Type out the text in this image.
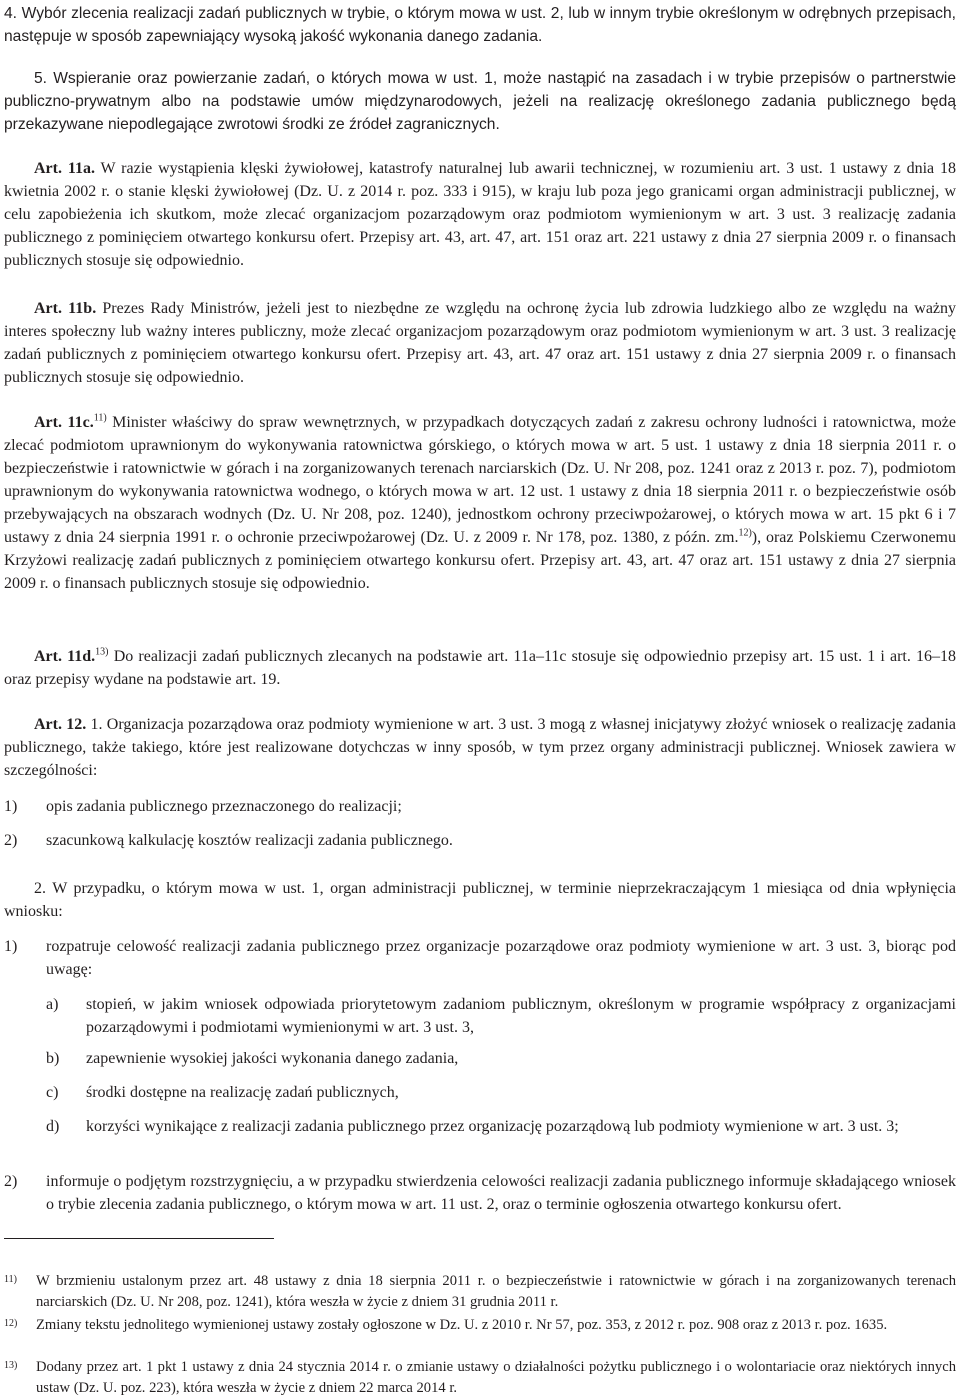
4. Wybór zlecenia realizacji zadań publicznych w trybie, o którym mowa w ust. 2, lub w innym trybie określonym w odrębnych przepisach, następuje w sposób zapewniający wysoką jakość wykonania danego zadania.

5. Wspieranie oraz powierzanie zadań, o których mowa w ust. 1, może nastąpić na zasadach i w trybie przepisów o partnerstwie publiczno-prywatnym albo na podstawie umów międzynarodowych, jeżeli na realizację określonego zadania publicznego będą przekazywane niepodlegające zwrotowi środki ze źródeł zagranicznych.

Art. 11a. W razie wystąpienia klęski żywiołowej, katastrofy naturalnej lub awarii technicznej, w rozumieniu art. 3 ust. 1 ustawy z dnia 18 kwietnia 2002 r. o stanie klęski żywiołowej (Dz. U. z 2014 r. poz. 333 i 915), w kraju lub poza jego granicami organ administracji publicznej, w celu zapobieżenia ich skutkom, może zlecać organizacjom pozarządowym oraz podmiotom wymienionym w art. 3 ust. 3 realizację zadania publicznego z pominięciem otwartego konkursu ofert. Przepisy art. 43, art. 47, art. 151 oraz art. 221 ustawy z dnia 27 sierpnia 2009 r. o finansach publicznych stosuje się odpowiednio.

Art. 11b. Prezes Rady Ministrów, jeżeli jest to niezbędne ze względu na ochronę życia lub zdrowia ludzkiego albo ze względu na ważny interes społeczny lub ważny interes publiczny, może zlecać organizacjom pozarządowym oraz podmiotom wymienionym w art. 3 ust. 3 realizację zadań publicznych z pominięciem otwartego konkursu ofert. Przepisy art. 43, art. 47 oraz art. 151 ustawy z dnia 27 sierpnia 2009 r. o finansach publicznych stosuje się odpowiednio.

Art. 11c.$^{11)}$ Minister właściwy do spraw wewnętrznych, w przypadkach dotyczących zadań z zakresu ochrony ludności i ratownictwa, może zlecać podmiotom uprawnionym do wykonywania ratownictwa górskiego, o których mowa w art. 5 ust. 1 ustawy z dnia 18 sierpnia 2011 r. o bezpieczeństwie i ratownictwie w górach i na zorganizowanych terenach narciarskich (Dz. U. Nr 208, poz. 1241 oraz z 2013 r. poz. 7), podmiotom uprawnionym do wykonywania ratownictwa wodnego, o których mowa w art. 12 ust. 1 ustawy z dnia 18 sierpnia 2011 r. o bezpieczeństwie osób przebywających na obszarach wodnych (Dz. U. Nr 208, poz. 1240), jednostkom ochrony przeciwpożarowej, o których mowa w art. 15 pkt 6 i 7 ustawy z dnia 24 sierpnia 1991 r. o ochronie przeciwpożarowej (Dz. U. z 2009 r. Nr 178, poz. 1380, z późn. zm.$^{12)}$), oraz Polskiemu Czerwonemu Krzyżowi realizację zadań publicznych z pominięciem otwartego konkursu ofert. Przepisy art. 43, art. 47 oraz art. 151 ustawy z dnia 27 sierpnia 2009 r. o finansach publicznych stosuje się odpowiednio.

Art. 11d.$^{13)}$ Do realizacji zadań publicznych zlecanych na podstawie art. 11a–11c stosuje się odpowiednio przepisy art. 15 ust. 1 i art. 16–18 oraz przepisy wydane na podstawie art. 19.

Art. 12. 1. Organizacja pozarządowa oraz podmioty wymienione w art. 3 ust. 3 mogą z własnej inicjatywy złożyć wniosek o realizację zadania publicznego, także takiego, które jest realizowane dotychczas w inny sposób, w tym przez organy administracji publicznej. Wniosek zawiera w szczególności:

1) opis zadania publicznego przeznaczonego do realizacji;

2) szacunkową kalkulację kosztów realizacji zadania publicznego.

2. W przypadku, o którym mowa w ust. 1, organ administracji publicznej, w terminie nieprzekraczającym 1 miesiąca od dnia wpłynięcia wniosku:

1) rozpatruje celowość realizacji zadania publicznego przez organizacje pozarządowe oraz podmioty wymienione w art. 3 ust. 3, biorąc pod uwagę:

a) stopień, w jakim wniosek odpowiada priorytetowym zadaniom publicznym, określonym w programie współpracy z organizacjami pozarządowymi i podmiotami wymienionymi w art. 3 ust. 3,

b) zapewnienie wysokiej jakości wykonania danego zadania,

c) środki dostępne na realizację zadań publicznych,

d) korzyści wynikające z realizacji zadania publicznego przez organizację pozarządową lub podmioty wymienione w art. 3 ust. 3;

2) informuje o podjętym rozstrzygnięciu, a w przypadku stwierdzenia celowości realizacji zadania publicznego informuje składającego wniosek o trybie zlecenia zadania publicznego, o którym mowa w art. 11 ust. 2, oraz o terminie ogłoszenia otwartego konkursu ofert.

11) W brzmieniu ustalonym przez art. 48 ustawy z dnia 18 sierpnia 2011 r. o bezpieczeństwie i ratownictwie w górach i na zorganizowanych terenach narciarskich (Dz. U. Nr 208, poz. 1241), która weszła w życie z dniem 31 grudnia 2011 r.

12) Zmiany tekstu jednolitego wymienionej ustawy zostały ogłoszone w Dz. U. z 2010 r. Nr 57, poz. 353, z 2012 r. poz. 908 oraz z 2013 r. poz. 1635.

13) Dodany przez art. 1 pkt 1 ustawy z dnia 24 stycznia 2014 r. o zmianie ustawy o działalności pożytku publicznego i o wolontariacie oraz niektórych innych ustaw (Dz. U. poz. 223), która weszła w życie z dniem 22 marca 2014 r.
